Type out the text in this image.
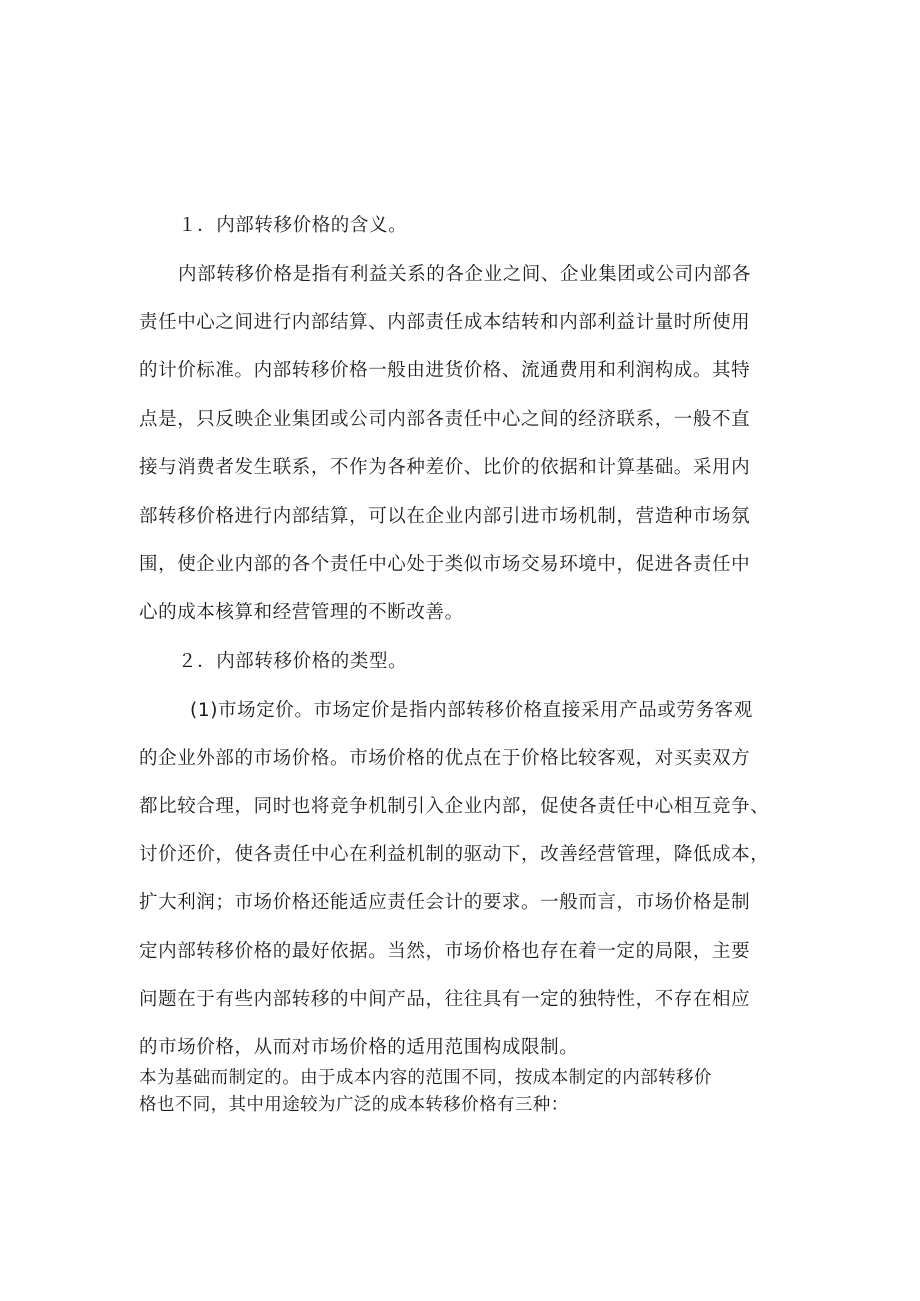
１．内部转移价格的含义。
内部转移价格是指有利益关系的各企业之间、企业集团或公司内部各
责任中心之间进行内部结算、内部责任成本结转和内部利益计量时所使用
的计价标准。内部转移价格一般由进货价格、流通费用和利润构成。其特
点是，只反映企业集团或公司内部各责任中心之间的经济联系，一般不直
接与消费者发生联系，不作为各种差价、比价的依据和计算基础。采用内
部转移价格进行内部结算，可以在企业内部引进市场机制，营造种市场氛
围，使企业内部的各个责任中心处于类似市场交易环境中，促进各责任中
心的成本核算和经营管理的不断改善。
２．内部转移价格的类型。
(1)市场定价。市场定价是指内部转移价格直接采用产品或劳务客观
的企业外部的市场价格。市场价格的优点在于价格比较客观，对买卖双方
都比较合理，同时也将竞争机制引入企业内部，促使各责任中心相互竞争、
讨价还价，使各责任中心在利益机制的驱动下，改善经营管理，降低成本，
扩大利润；市场价格还能适应责任会计的要求。一般而言，市场价格是制
定内部转移价格的最好依据。当然，市场价格也存在着一定的局限，主要
问题在于有些内部转移的中间产品，往往具有一定的独特性，不存在相应
的市场价格，从而对市场价格的适用范围构成限制。
本为基础而制定的。由于成本内容的范围不同，按成本制定的内部转移价
格也不同，其中用途较为广泛的成本转移价格有三种：
